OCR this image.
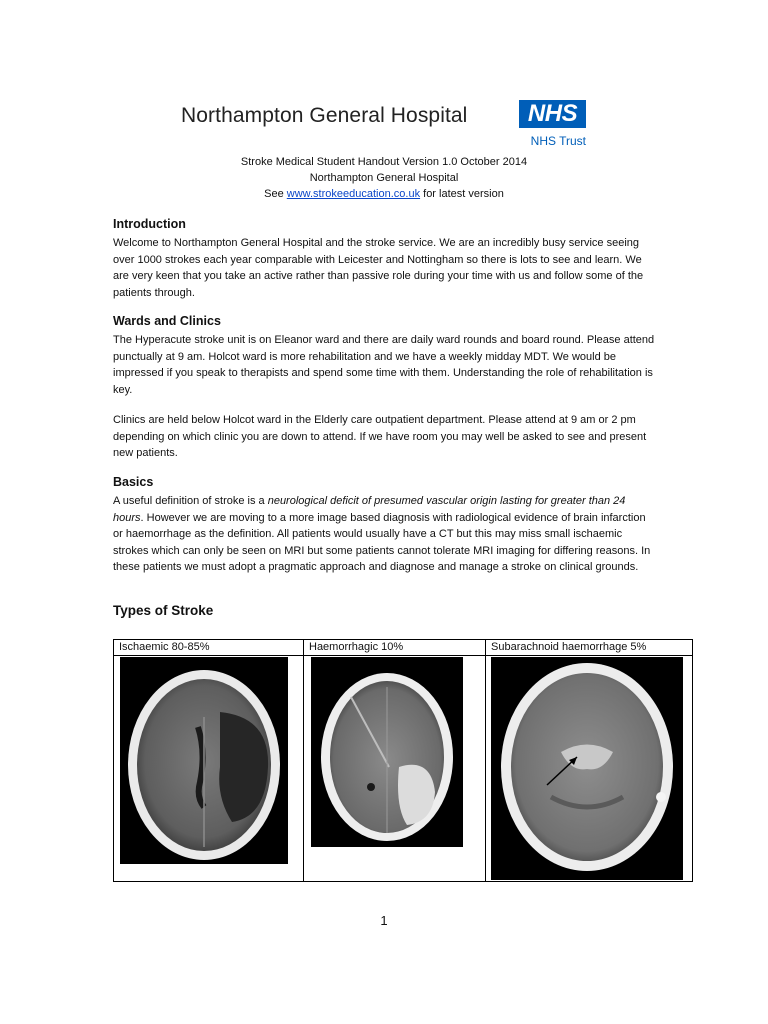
Northampton General Hospital	NHS
NHS Trust
Stroke Medical Student Handout Version 1.0 October 2014
Northampton General Hospital
See www.strokeeducation.co.uk for latest version
Introduction

Welcome to Northampton General Hospital and the stroke service. We are an incredibly busy service seeing over 1000 strokes each year comparable with Leicester and Nottingham so there is lots to see and learn. We are very keen that you take an active rather than passive role during your time with us and follow some of the patients through.

Wards and Clinics

The Hyperacute stroke unit is on Eleanor ward and there are daily ward rounds and board round. Please attend punctually at 9 am. Holcot ward is more rehabilitation and we have a weekly midday MDT. We would be impressed if you speak to therapists and spend some time with them. Understanding the role of rehabilitation is key.

Clinics are held below Holcot ward in the Elderly care outpatient department. Please attend at 9 am or 2 pm depending on which clinic you are down to attend. If we have room you may well be asked to see and present new patients.

Basics

A useful definition of stroke is a neurological deficit of presumed vascular origin lasting for greater than 24 hours. However we are moving to a more image based diagnosis with radiological evidence of brain infarction or haemorrhage as the definition. All patients would usually have a CT but this may miss small ischaemic strokes which can only be seen on MRI but some patients cannot tolerate MRI imaging for differing reasons. In these patients we must adopt a pragmatic approach and diagnose and manage a stroke on clinical grounds.

Types of Stroke
Ischaemic 80-85%	Haemorrhagic 10%	Subarachnoid haemorrhage 5%
1
